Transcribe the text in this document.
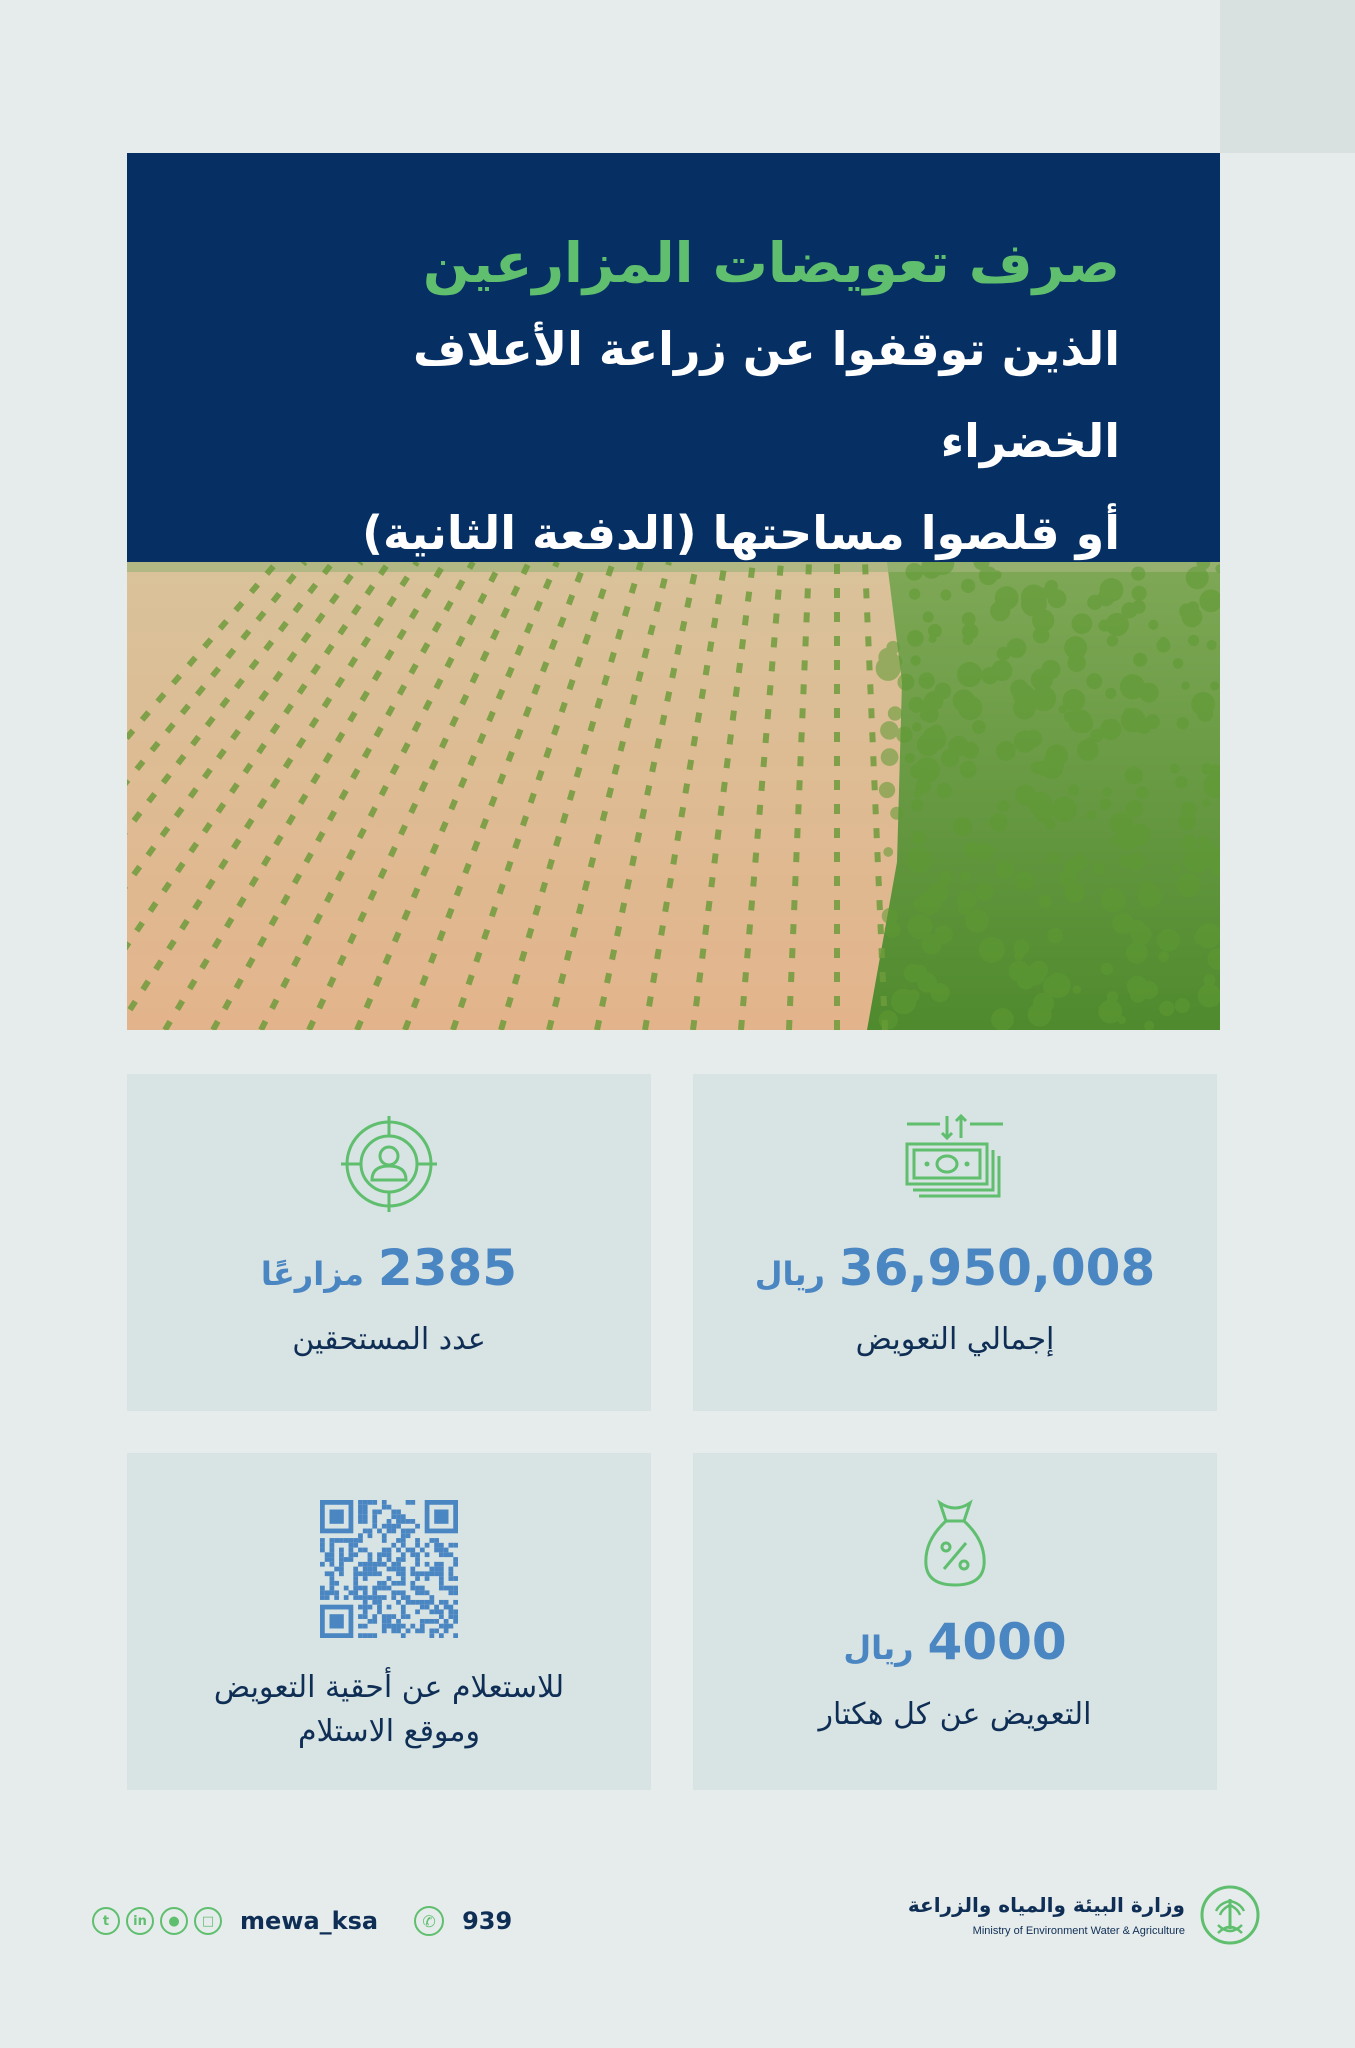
صرف تعويضات المزارعين

الذين توقفوا عن زراعة الأعلاف الخضراء

أو قلصوا مساحتها (الدفعة الثانية)

36,950,008
ريال
إجمالي التعويض
2385
مزارعًا
عدد المستحقين
4000
ريال
التعويض عن كل هكتار
للاستعلام عن أحقية التعويض
وموقع الاستلام
t	in	●	□	mewa_ksa	✆	939
وزارة البيئة والمياه والزراعة
Ministry of Environment Water & Agriculture
